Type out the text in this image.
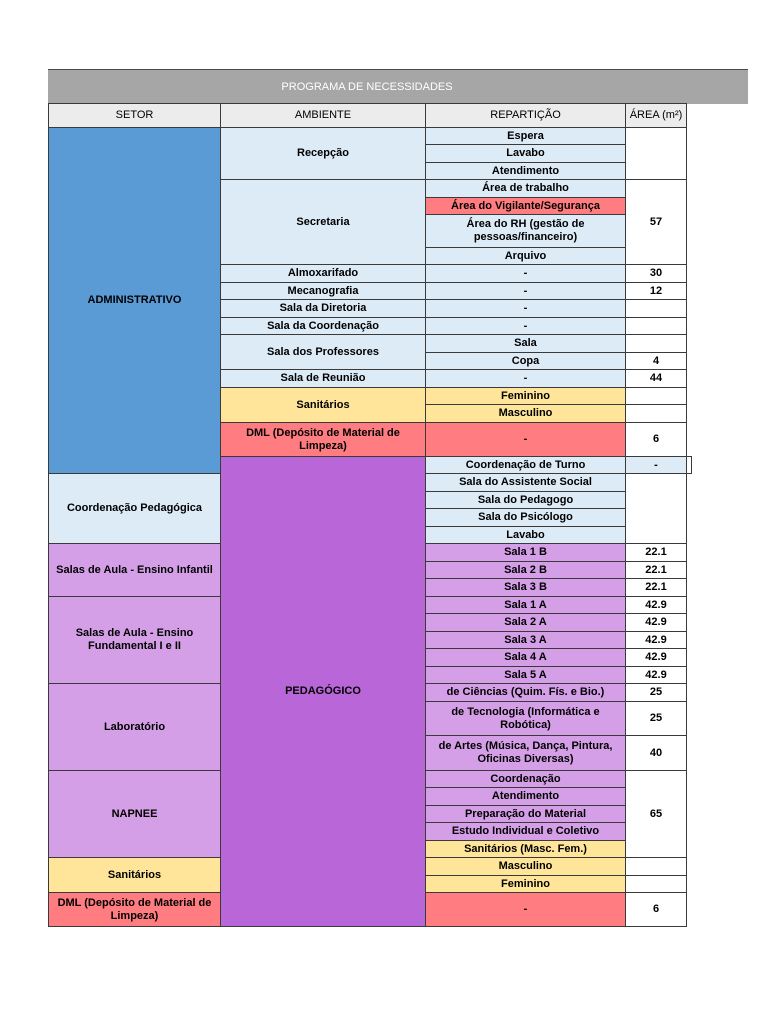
PROGRAMA DE NECESSIDADES
SETOR	AMBIENTE	REPARTIÇÃO	ÁREA (m²)	
ADMINISTRATIVO	Recepção	Espera		
		Lavabo		
		Atendimento		
	Secretaria	Área de trabalho	57	
		Área do Vigilante/Segurança		
		Área do RH (gestão de pessoas/financeiro)		
		Arquivo		
	Almoxarifado	-	30	
	Mecanografia	-	12	
	Sala da Diretoria	-		
	Sala da Coordenação	-		
	Sala dos Professores	Sala		
		Copa	4	
	Sala de Reunião	-	44	
	Sanitários	Feminino		
		Masculino		
	DML (Depósito de Material de Limpeza)	-	6	
	PEDAGÓGICO	Coordenação de Turno	-	
Coordenação Pedagógica		Sala do Assistente Social		
		Sala do Pedagogo		
		Sala do Psicólogo		
		Lavabo		
Salas de Aula - Ensino Infantil		Sala 1 B	22.1	
		Sala 2 B	22.1	
		Sala 3 B	22.1	
Salas de Aula - Ensino Fundamental I e II		Sala 1 A	42.9	
		Sala 2 A	42.9	
		Sala 3 A	42.9	
		Sala 4 A	42.9	
		Sala 5 A	42.9	
Laboratório		de Ciências (Quim. Fís. e Bio.)	25	
		de Tecnologia (Informática e Robótica)	25	
		de Artes (Música, Dança, Pintura, Oficinas Diversas)	40	
NAPNEE		Coordenação	65	
		Atendimento		
		Preparação do Material		
		Estudo Individual e Coletivo		
		Sanitários (Masc. Fem.)		
Sanitários		Masculino		
		Feminino		
DML (Depósito de Material de Limpeza)		-	6	
